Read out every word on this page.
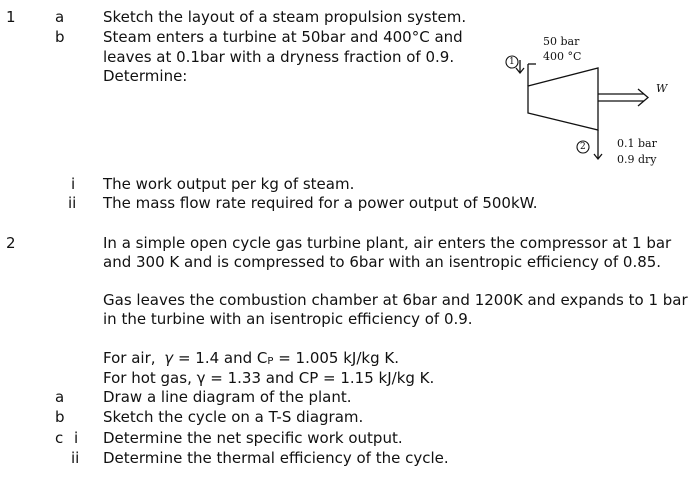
1	a	Sketch the layout of a steam propulsion system.
b	Steam enters a turbine at 50bar and 400°C and
leaves at 0.1bar with a dryness fraction of 0.9.
Determine:
i The work output per kg of steam.
ii The mass flow rate required for a power output of 500kW.
50 bar
400 °C
W
1
2	0.1 bar
0.9 dry
2	In a simple open cycle gas turbine plant, air enters the compressor at 1 bar
and 300 K and is compressed to 6bar with an isentropic efficiency of 0.85.
Gas leaves the combustion chamber at 6bar and 1200K and expands to 1 bar
in the turbine with an isentropic efficiency of 0.9.
For air, γ = 1.4 and CP = 1.005 kJ/kg K.
For hot gas, γ = 1.33 and CP = 1.15 kJ/kg K.
a	Draw a line diagram of the plant.
b	Sketch the cycle on a T-S diagram.
c i Determine the net specific work output.
ii Determine the thermal efficiency of the cycle.
